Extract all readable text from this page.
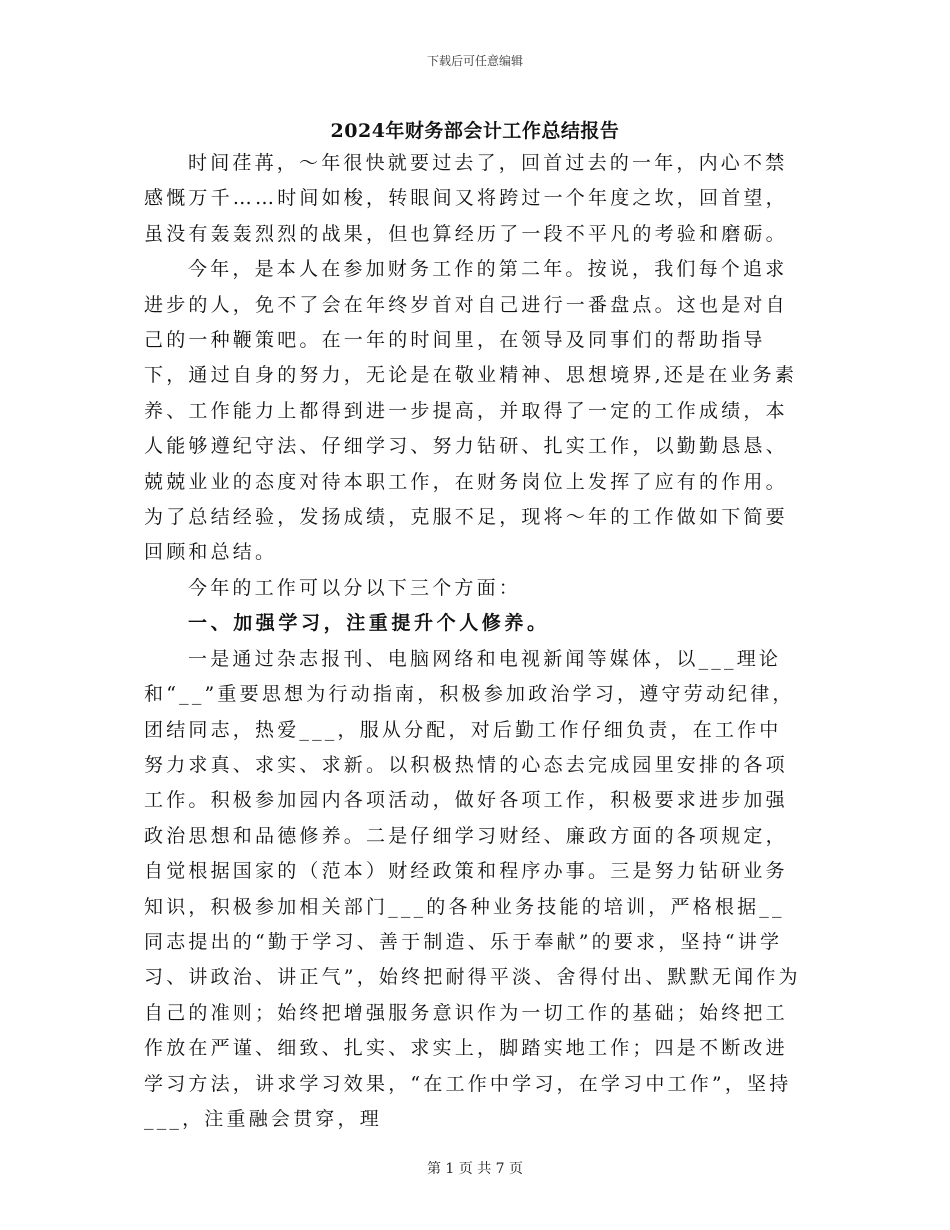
下载后可任意编辑
2024年财务部会计工作总结报告

时间荏苒，～年很快就要过去了，回首过去的一年，内心不禁感慨万千……时间如梭，转眼间又将跨过一个年度之坎，回首望，虽没有轰轰烈烈的战果，但也算经历了一段不平凡的考验和磨砺。

今年，是本人在参加财务工作的第二年。按说，我们每个追求进步的人，免不了会在年终岁首对自己进行一番盘点。这也是对自己的一种鞭策吧。在一年的时间里，在领导及同事们的帮助指导下，通过自身的努力，无论是在敬业精神、思想境界,还是在业务素养、工作能力上都得到进一步提高，并取得了一定的工作成绩，本人能够遵纪守法、仔细学习、努力钻研、扎实工作，以勤勤恳恳、兢兢业业的态度对待本职工作，在财务岗位上发挥了应有的作用。为了总结经验，发扬成绩，克服不足，现将～年的工作做如下简要回顾和总结。

今年的工作可以分以下三个方面：

一、加强学习，注重提升个人修养。

一是通过杂志报刊、电脑网络和电视新闻等媒体，以___理论和“__”重要思想为行动指南，积极参加政治学习，遵守劳动纪律，团结同志，热爱___，服从分配，对后勤工作仔细负责，在工作中努力求真、求实、求新。以积极热情的心态去完成园里安排的各项工作。积极参加园内各项活动，做好各项工作，积极要求进步加强政治思想和品德修养。二是仔细学习财经、廉政方面的各项规定，自觉根据国家的（范本）财经政策和程序办事。三是努力钻研业务知识，积极参加相关部门___的各种业务技能的培训，严格根据__同志提出的“勤于学习、善于制造、乐于奉献”的要求，坚持“讲学习、讲政治、讲正气”，始终把耐得平淡、舍得付出、默默无闻作为自己的准则；始终把增强服务意识作为一切工作的基础；始终把工作放在严谨、细致、扎实、求实上，脚踏实地工作；四是不断改进学习方法，讲求学习效果，“在工作中学习，在学习中工作”，坚持___，注重融会贯穿，理

第 1 页 共 7 页
